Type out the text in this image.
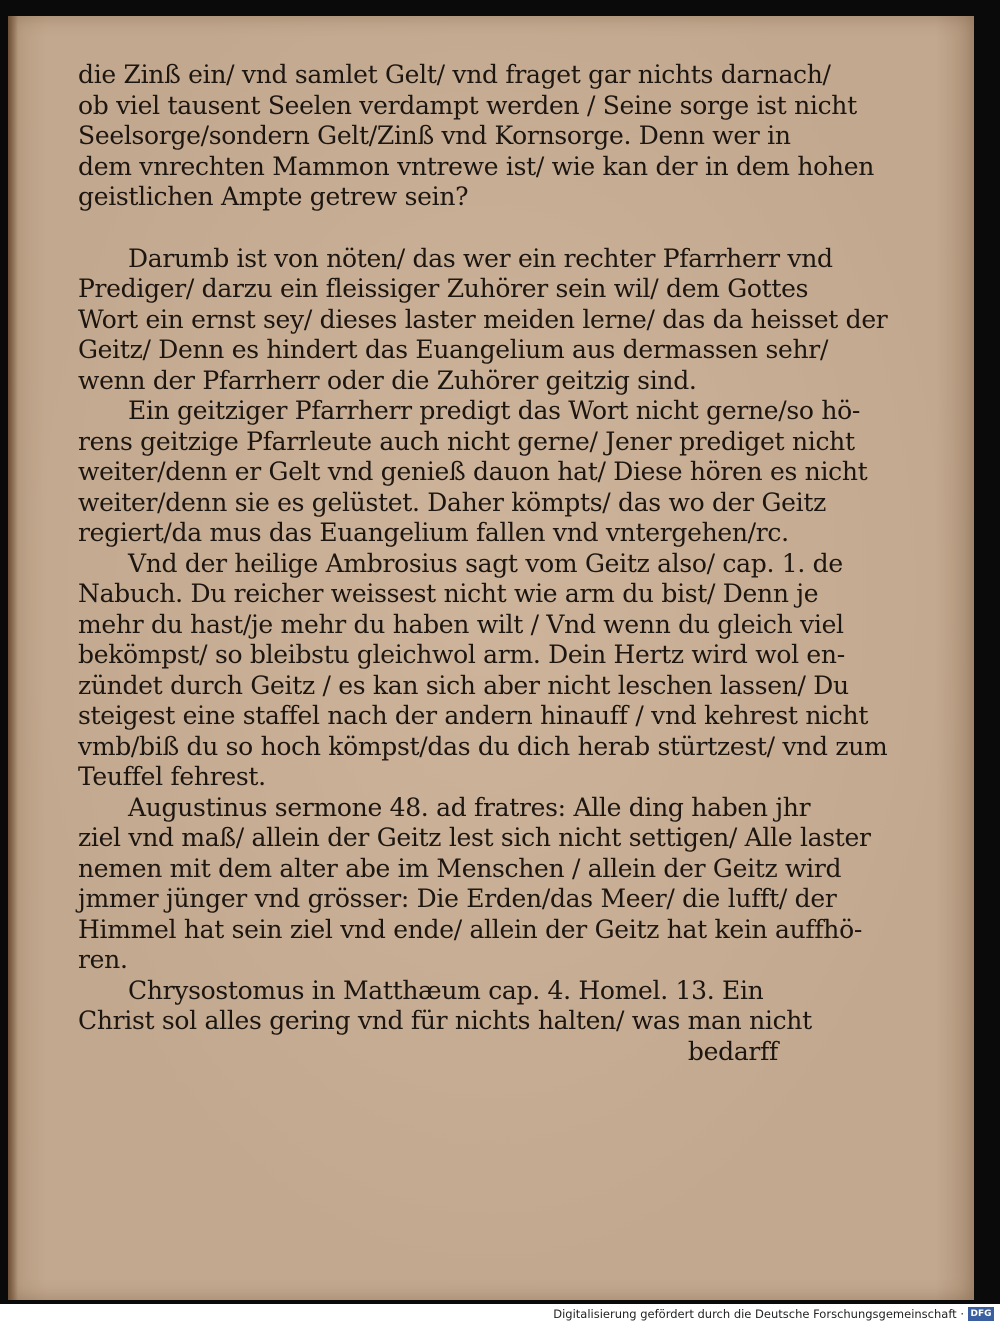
die Zinß ein/ vnd samlet Gelt/ vnd fraget gar nichts darnach/
ob viel tausent Seelen verdampt werden / Seine sorge ist nicht
Seelsorge/sondern Gelt/Zinß vnd Kornsorge. Denn wer in
dem vnrechten Mammon vntrewe ist/ wie kan der in dem hohen
geistlichen Ampte getrew sein?
Darumb ist von nöten/ das wer ein rechter Pfarrherr vnd
Prediger/ darzu ein fleissiger Zuhörer sein wil/ dem Gottes
Wort ein ernst sey/ dieses laster meiden lerne/ das da heisset der
Geitz/ Denn es hindert das Euangelium aus dermassen sehr/
wenn der Pfarrherr oder die Zuhörer geitzig sind.
Ein geitziger Pfarrherr predigt das Wort nicht gerne/so hö-
rens geitzige Pfarrleute auch nicht gerne/ Jener prediget nicht
weiter/denn er Gelt vnd genieß dauon hat/ Diese hören es nicht
weiter/denn sie es gelüstet. Daher kömpts/ das wo der Geitz
regiert/da mus das Euangelium fallen vnd vntergehen/rc.
Vnd der heilige Ambrosius sagt vom Geitz also/ cap. 1. de
Nabuch. Du reicher weissest nicht wie arm du bist/ Denn je
mehr du hast/je mehr du haben wilt / Vnd wenn du gleich viel
bekömpst/ so bleibstu gleichwol arm. Dein Hertz wird wol en-
zündet durch Geitz / es kan sich aber nicht leschen lassen/ Du
steigest eine staffel nach der andern hinauff / vnd kehrest nicht
vmb/biß du so hoch kömpst/das du dich herab stürtzest/ vnd zum
Teuffel fehrest.
Augustinus sermone 48. ad fratres: Alle ding haben jhr
ziel vnd maß/ allein der Geitz lest sich nicht settigen/ Alle laster
nemen mit dem alter abe im Menschen / allein der Geitz wird
jmmer jünger vnd grösser: Die Erden/das Meer/ die lufft/ der
Himmel hat sein ziel vnd ende/ allein der Geitz hat kein auffhö-
ren.
Chrysostomus in Matthæum cap. 4. Homel. 13. Ein
Christ sol alles gering vnd für nichts halten/ was man nicht
bedarff
Digitalisierung gefördert durch die Deutsche Forschungsgemeinschaft · DFG
